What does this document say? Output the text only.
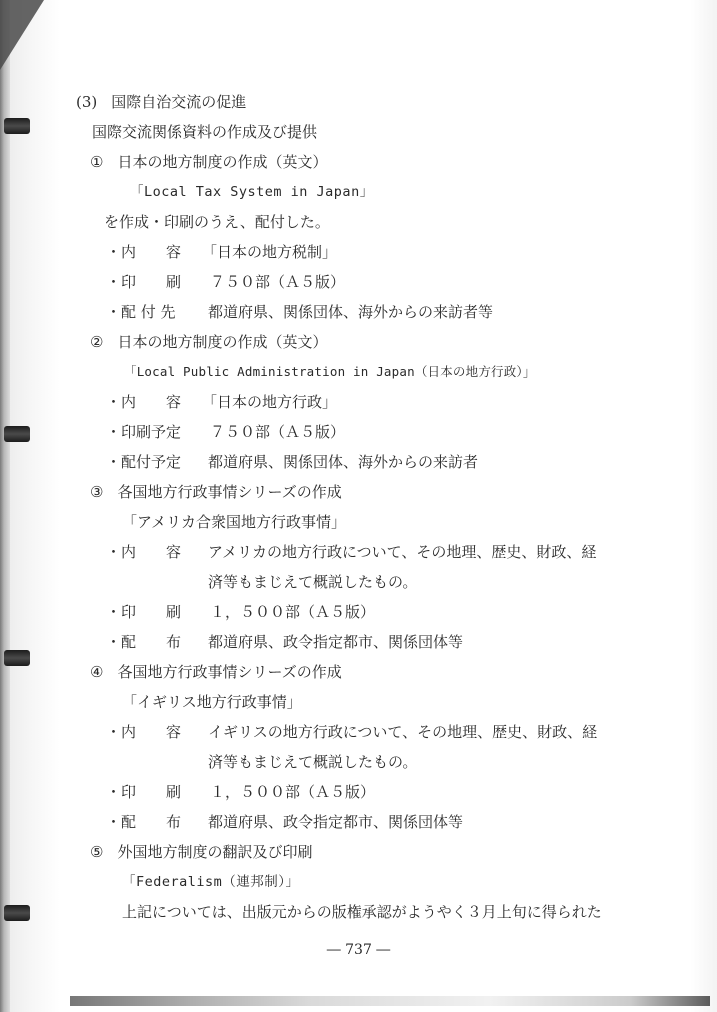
(3) 国際自治交流の促進
国際交流関係資料の作成及び提供
① 日本の地方制度の作成（英文）
「Local Tax System in Japan」
を作成・印刷のうえ、配付した。
・内　　容 「日本の地方税制」
・印　　刷 ７５０部（Ａ５版）
・配 付 先 都道府県、関係団体、海外からの来訪者等
② 日本の地方制度の作成（英文）
「Local Public Administration in Japan（日本の地方行政）」
・内　　容 「日本の地方行政」
・印刷予定 ７５０部（Ａ５版）
・配付予定 都道府県、関係団体、海外からの来訪者
③ 各国地方行政事情シリーズの作成
「アメリカ合衆国地方行政事情」
・内　　容 アメリカの地方行政について、その地理、歴史、財政、経
済等もまじえて概説したもの。
・印　　刷 １，５００部（Ａ５版）
・配　　布 都道府県、政令指定都市、関係団体等
④ 各国地方行政事情シリーズの作成
「イギリス地方行政事情」
・内　　容 イギリスの地方行政について、その地理、歴史、財政、経
済等もまじえて概説したもの。
・印　　刷 １，５００部（Ａ５版）
・配　　布 都道府県、政令指定都市、関係団体等
⑤ 外国地方制度の翻訳及び印刷
「Federalism（連邦制）」
上記については、出版元からの版権承認がようやく３月上旬に得られた
― 737 ―
